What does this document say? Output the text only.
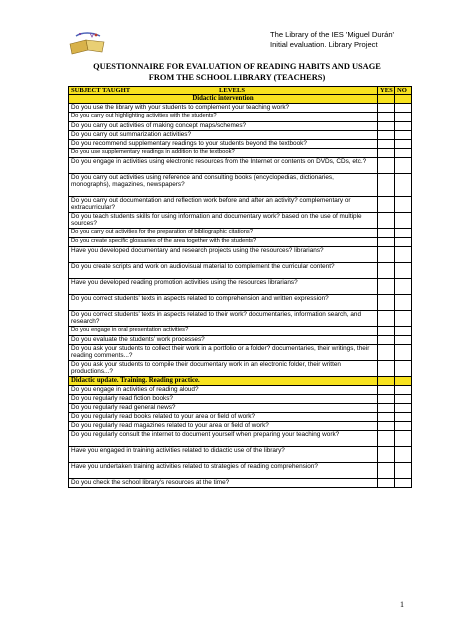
The Library of the IES 'Miguel Durán'
Initial evaluation. Library Project
QUESTIONNAIRE FOR EVALUATION OF READING HABITS AND USAGE
FROM THE SCHOOL LIBRARY (TEACHERS)
SUBJECT TAUGHT LEVELS	YES	NO
Didactic intervention		
Do you use the library with your students to complement your teaching work?		
Do you carry out highlighting activities with the students?		
Do you carry out activities of making concept maps/schemes?		
Do you carry out summarization activities?		
Do you recommend supplementary readings to your students beyond the textbook?		
Do you use supplementary readings in addition to the textbook?		
Do you engage in activities using electronic resources from the Internet or contents on DVDs, CDs, etc.?		
Do you carry out activities using reference and consulting books (encyclopedias, dictionaries, monographs), magazines, newspapers?		
Do you carry out documentation and reflection work before and after an activity? complementary or extracurricular?		
Do you teach students skills for using information and documentary work? based on the use of multiple sources?		
Do you carry out activities for the preparation of bibliographic citations?		
Do you create specific glossaries of the area together with the students?		
Have you developed documentary and research projects using the resources? librarians?		
Do you create scripts and work on audiovisual material to complement the curricular content?		
Have you developed reading promotion activities using the resources librarians?		
Do you correct students' texts in aspects related to comprehension and written expression?		
Do you correct students' texts in aspects related to their work? documentaries, information search, and research?		
Do you engage in oral presentation activities?		
Do you evaluate the students' work processes?		
Do you ask your students to collect their work in a portfolio or a folder? documentaries, their writings, their reading comments...?		
Do you ask your students to compile their documentary work in an electronic folder, their written productions...?		
Didactic update. Training. Reading practice.		
Do you engage in activities of reading aloud?		
Do you regularly read fiction books?		
Do you regularly read general news?		
Do you regularly read books related to your area or field of work?		
Do you regularly read magazines related to your area or field of work?		
Do you regularly consult the internet to document yourself when preparing your teaching work?		
Have you engaged in training activities related to didactic use of the library?		
Have you undertaken training activities related to strategies of reading comprehension?		
Do you check the school library's resources at the time?		
1
